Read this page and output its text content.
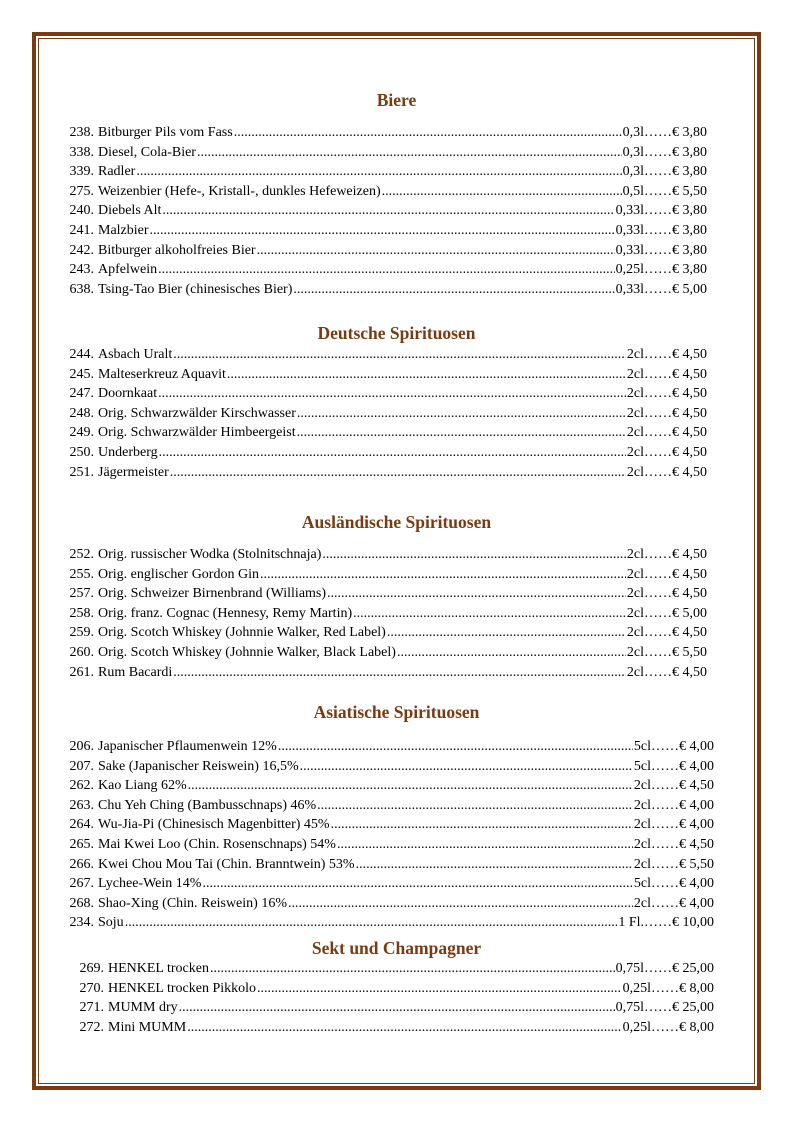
Biere
238. Bitburger Pils vom Fass .....	0,3l …… € 3,80
338. Diesel, Cola-Bier .....	0,3l …… € 3,80
339. Radler .....	0,3l …… € 3,80
275. Weizenbier (Hefe-, Kristall-, dunkles Hefeweizen) .....	0,5l …… € 5,50
240. Diebels Alt .....	0,33l …… € 3,80
241. Malzbier .....	0,33l …… € 3,80
242. Bitburger alkoholfreies Bier .....	0,33l …… € 3,80
243. Apfelwein .....	0,25l …… € 3,80
638. Tsing-Tao Bier (chinesisches Bier) .....	0,33l …… € 5,00
Deutsche Spirituosen
244. Asbach Uralt .....	2cl …… € 4,50
245. Malteserkreuz Aquavit .....	2cl …… € 4,50
247. Doornkaat .....	2cl …… € 4,50
248. Orig. Schwarzwälder Kirschwasser .....	2cl …… € 4,50
249. Orig. Schwarzwälder Himbeergeist .....	2cl …… € 4,50
250. Underberg .....	2cl …… € 4,50
251. Jägermeister .....	2cl …… € 4,50
Ausländische Spirituosen
252. Orig. russischer Wodka (Stolnitschnaja) .....	2cl …… € 4,50
255. Orig. englischer Gordon Gin .....	2cl …… € 4,50
257. Orig. Schweizer Birnenbrand (Williams) .....	2cl …… € 4,50
258. Orig. franz. Cognac (Hennesy, Remy Martin) .....	2cl …… € 5,00
259. Orig. Scotch Whiskey (Johnnie Walker, Red Label) .....	2cl …… € 4,50
260. Orig. Scotch Whiskey (Johnnie Walker, Black Label) .....	2cl …… € 5,50
261. Rum Bacardi .....	2cl …… € 4,50
Asiatische Spirituosen
206. Japanischer Pflaumenwein 12% .....	5cl …… € 4,00
207. Sake (Japanischer Reiswein) 16,5% .....	5cl …… € 4,00
262. Kao Liang 62% .....	2cl …… € 4,50
263. Chu Yeh Ching (Bambusschnaps) 46% .....	2cl …… € 4,00
264. Wu-Jia-Pi (Chinesisch Magenbitter) 45% .....	2cl …… € 4,00
265. Mai Kwei Loo (Chin. Rosenschnaps) 54% .....	2cl …… € 4,50
266. Kwei Chou Mou Tai (Chin. Branntwein) 53% .....	2cl …… € 5,50
267. Lychee-Wein 14% .....	5cl …… € 4,00
268. Shao-Xing (Chin. Reiswein) 16% .....	2cl …… € 4,00
234. Soju .....	1 Fl. …… € 10,00
Sekt und Champagner
269. HENKEL trocken .....	0,75l …… € 25,00
270. HENKEL trocken Pikkolo .....	0,25l …… € 8,00
271. MUMM dry .....	0,75l …… € 25,00
272. Mini MUMM .....	0,25l …… € 8,00
